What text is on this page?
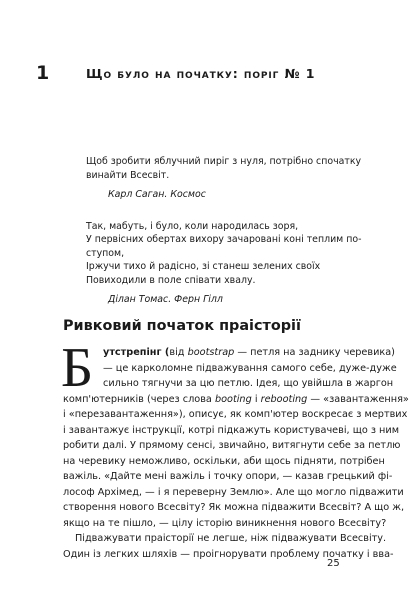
1	Що було на початку: поріг № 1
Щоб зробити яблучний пиріг з нуля, потрібно спочатку
винайти Всесвіт.
Карл Саган. Космос
Так, мабуть, і було, коли народилась зоря,
У первісних обертах вихору зачаровані коні теплим по-
ступом,
Іржучи тихо й радісно, зі станеш зелених своїх
Повиходили в поле співати хвалу.
Ділан Томас. Ферн Гілл
Ривковий початок праісторії
Б	утстрепінг (від bootstrap — петля на заднику черевика)
— це карколомне підважування самого себе, дуже-дуже
сильно тягнучи за цю петлю. Ідея, що увійшла в жаргон
комп'ютерників (через слова booting і rebooting — «завантаження»
і «перезавантаження»), описує, як комп'ютер воскресає з мертвих
і завантажує інструкції, котрі підкажуть користувачеві, що з ним
робити далі. У прямому сенсі, звичайно, витягнути себе за петлю
на черевику неможливо, оскільки, аби щось підняти, потрібен
важіль. «Дайте мені важіль і точку опори, — казав грецький фі-
лософ Архімед, — і я переверну Землю». Але що могло підважити
створення нового Всесвіту? Як можна підважити Всесвіт? А що ж,
якщо на те пішло, — цілу історію виникнення нового Всесвіту?
Підважувати праісторії не легше, ніж підважувати Всесвіту.
Один із легких шляхів — проігнорувати проблему початку і вва-
25
